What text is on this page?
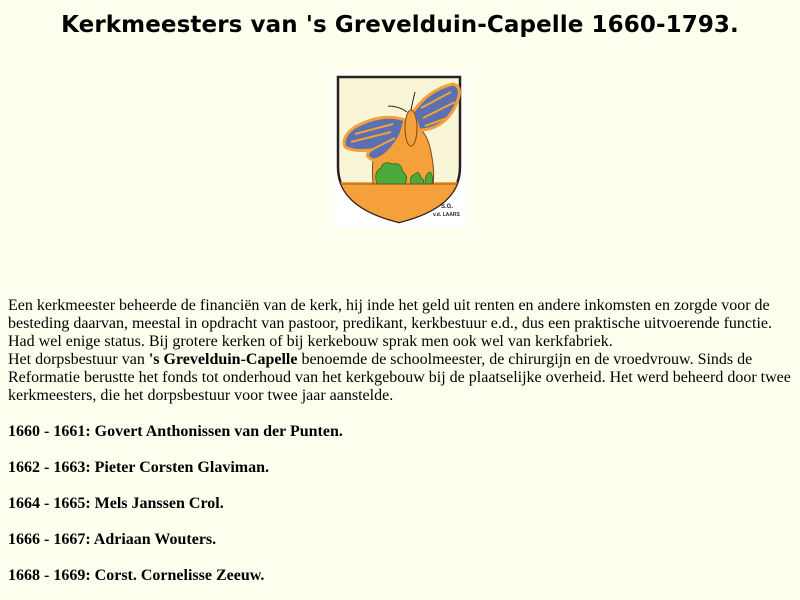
Kerkmeesters van 's Grevelduin-Capelle 1660-1793.
S.G.
v.d. LAARS

Een kerkmeester beheerde de financiën van de kerk, hij inde het geld uit renten en andere inkomsten en zorgde voor de besteding daarvan, meestal in opdracht van pastoor, predikant, kerkbestuur e.d., dus een praktische uitvoerende functie. Had wel enige status. Bij grotere kerken of bij kerkebouw sprak men ook wel van kerkfabriek.

Het dorpsbestuur van 's Grevelduin-Capelle benoemde de schoolmeester, de chirurgijn en de vroedvrouw. Sinds de Reformatie berustte het fonds tot onderhoud van het kerkgebouw bij de plaatselijke overheid. Het werd beheerd door twee kerkmeesters, die het dorpsbestuur voor twee jaar aanstelde.

1660 - 1661: Govert Anthonissen van der Punten.

1662 - 1663: Pieter Corsten Glaviman.

1664 - 1665: Mels Janssen Crol.

1666 - 1667: Adriaan Wouters.

1668 - 1669: Corst. Cornelisse Zeeuw.
